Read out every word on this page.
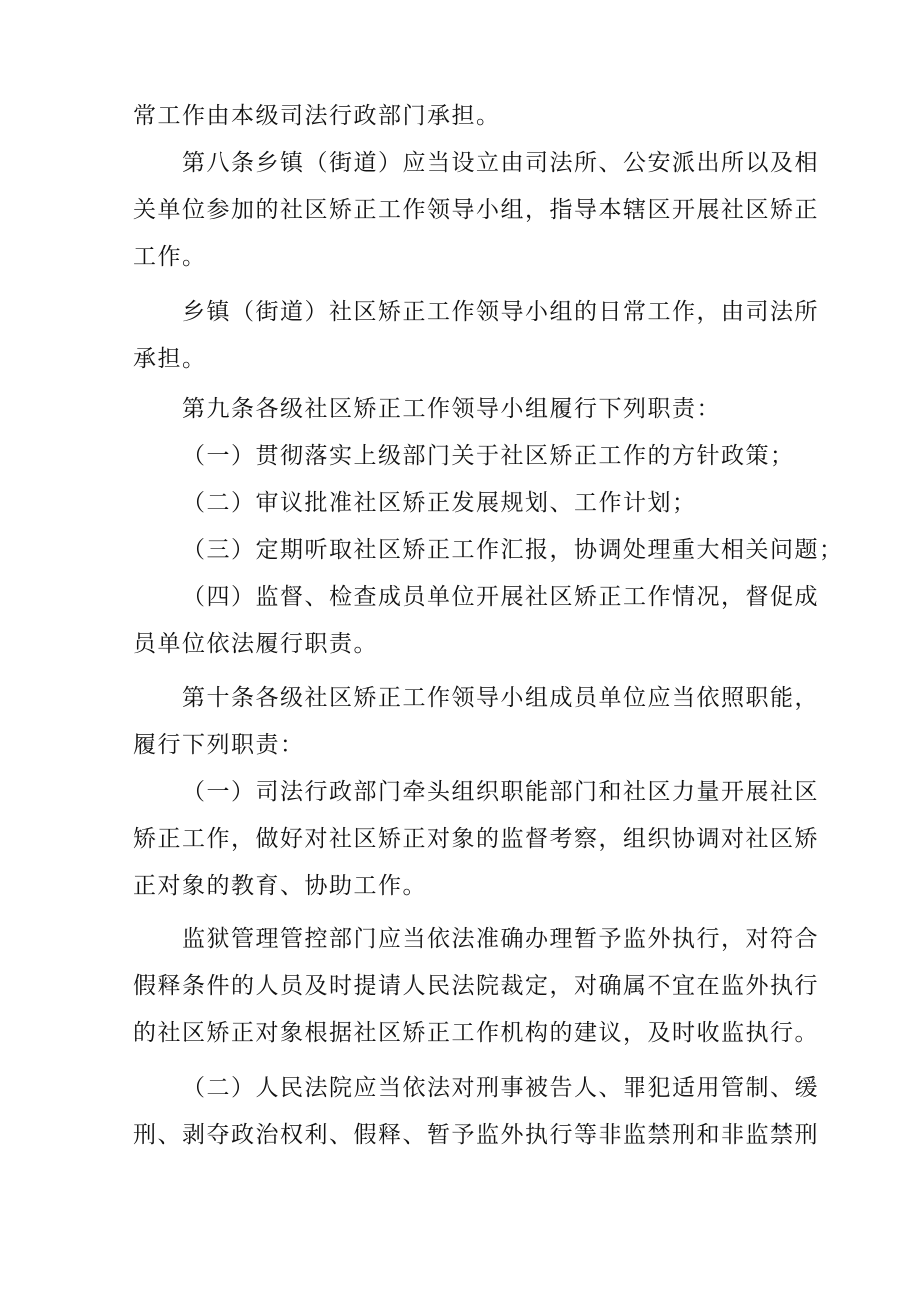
常工作由本级司法行政部门承担。
第八条乡镇（街道）应当设立由司法所、公安派出所以及相
关单位参加的社区矫正工作领导小组，指导本辖区开展社区矫正
工作。
乡镇（街道）社区矫正工作领导小组的日常工作，由司法所
承担。
第九条各级社区矫正工作领导小组履行下列职责：
（一）贯彻落实上级部门关于社区矫正工作的方针政策；
（二）审议批准社区矫正发展规划、工作计划；
（三）定期听取社区矫正工作汇报，协调处理重大相关问题；
（四）监督、检查成员单位开展社区矫正工作情况，督促成
员单位依法履行职责。
第十条各级社区矫正工作领导小组成员单位应当依照职能，
履行下列职责：
（一）司法行政部门牵头组织职能部门和社区力量开展社区
矫正工作，做好对社区矫正对象的监督考察，组织协调对社区矫
正对象的教育、协助工作。
监狱管理管控部门应当依法准确办理暂予监外执行，对符合
假释条件的人员及时提请人民法院裁定，对确属不宜在监外执行
的社区矫正对象根据社区矫正工作机构的建议，及时收监执行。
（二）人民法院应当依法对刑事被告人、罪犯适用管制、缓
刑、剥夺政治权利、假释、暂予监外执行等非监禁刑和非监禁刑
